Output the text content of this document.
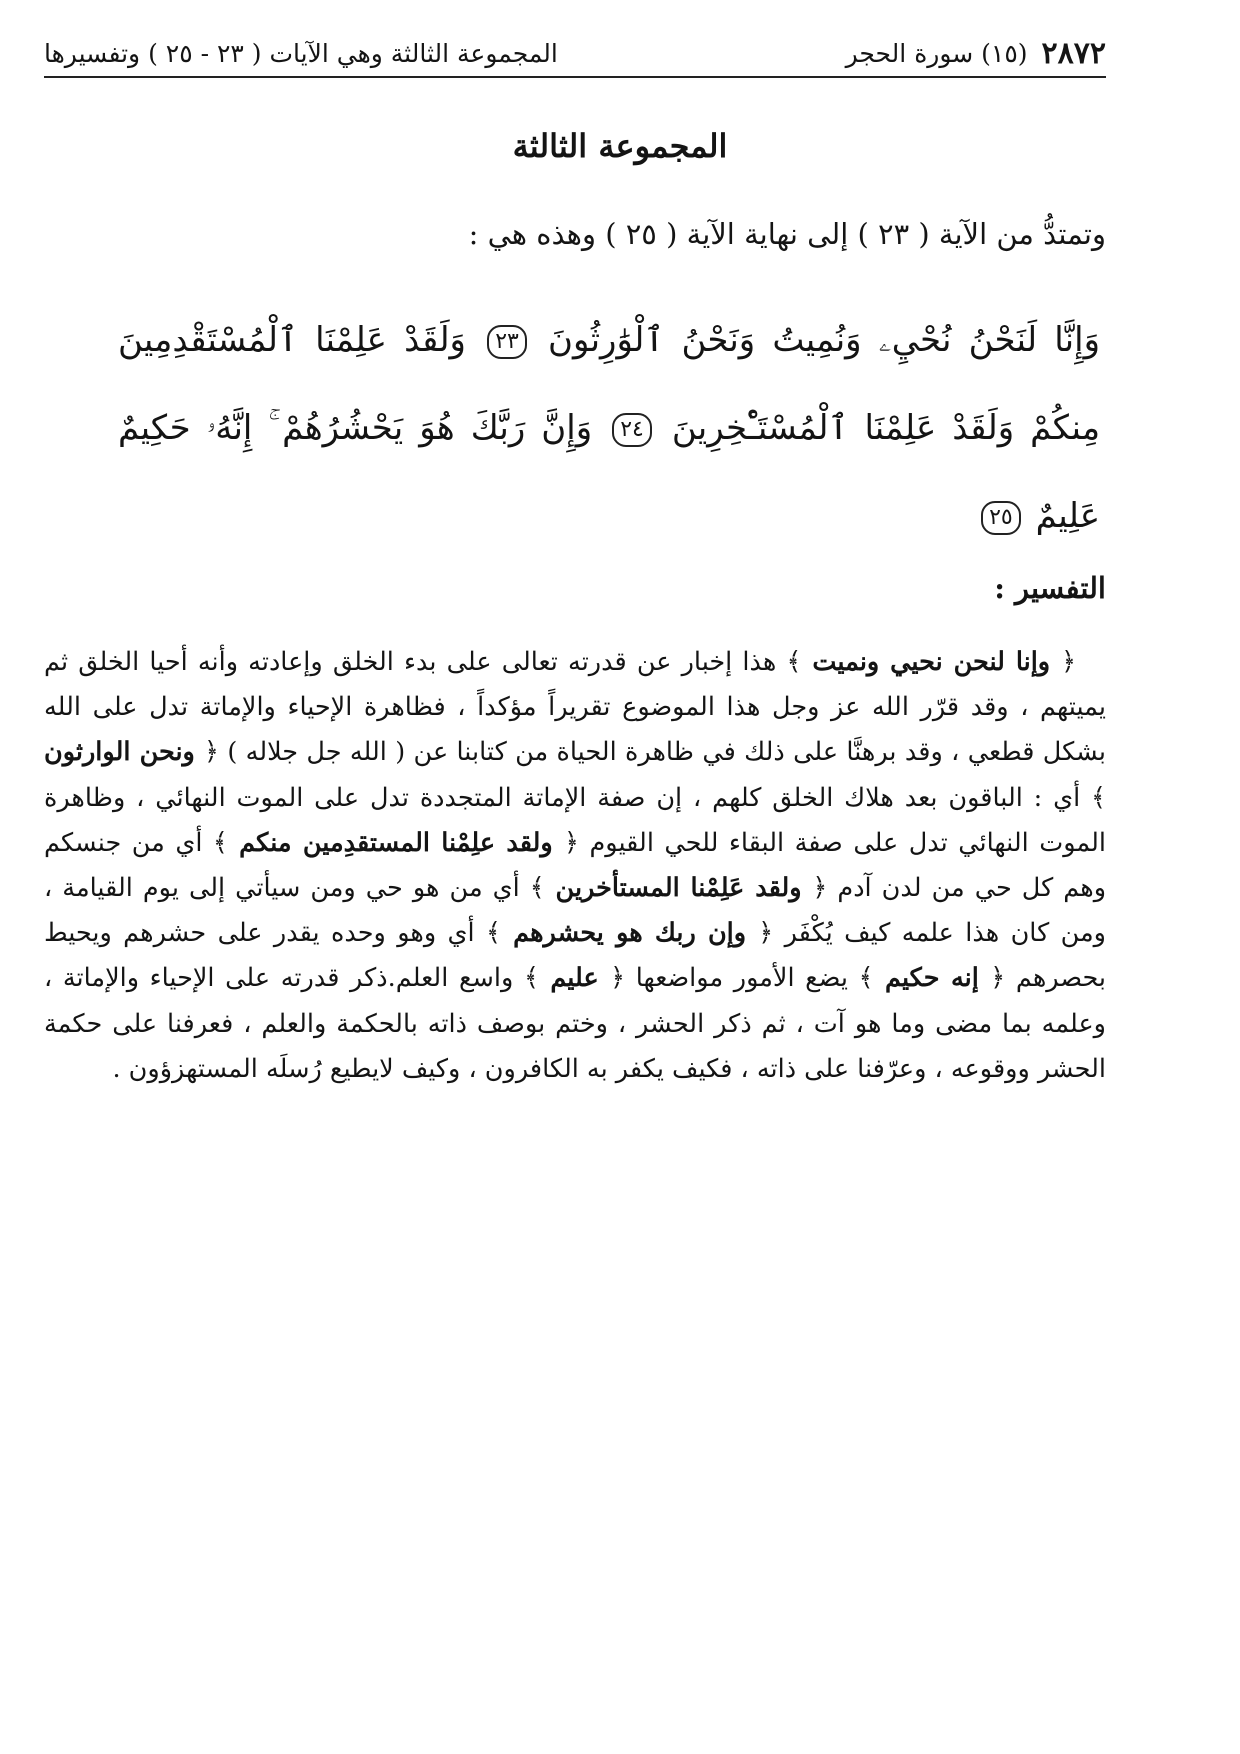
٢٨٧٢
(١٥) سورة الحجر
المجموعة الثالثة وهي الآيات ( ٢٣ - ٢٥ ) وتفسيرها
المجموعة الثالثة
وتمتدُّ من الآية ( ٢٣ ) إلى نهاية الآية ( ٢٥ ) وهذه هي :
وَإِنَّا لَنَحْنُ نُحْيِۦ وَنُمِيتُ وَنَحْنُ ٱلْوَٰرِثُونَ ٢٣ وَلَقَدْ عَلِمْنَا ٱلْمُسْتَقْدِمِينَ مِنكُمْ وَلَقَدْ عَلِمْنَا ٱلْمُسْتَـْٔخِرِينَ ٢٤ وَإِنَّ رَبَّكَ هُوَ يَحْشُرُهُمْ ۚ إِنَّهُۥ حَكِيمٌ عَلِيمٌ ٢٥
التفسير :

﴿ وإنا لنحن نحيي ونميت ﴾ هذا إخبار عن قدرته تعالى على بدء الخلق وإعادته وأنه أحيا الخلق ثم يميتهم ، وقد قرّر الله عز وجل هذا الموضوع تقريراً مؤكداً ، فظاهرة الإحياء والإماتة تدل على الله بشكل قطعي ، وقد برهنَّا على ذلك في ظاهرة الحياة من كتابنا عن ( الله جل جلاله ) ﴿ ونحن الوارثون ﴾ أي : الباقون بعد هلاك الخلق كلهم ، إن صفة الإماتة المتجددة تدل على الموت النهائي ، وظاهرة الموت النهائي تدل على صفة البقاء للحي القيوم ﴿ ولقد علِمْنا المستقدِمين منكم ﴾ أي من جنسكم وهم كل حي من لدن آدم ﴿ ولقد عَلِمْنا المستأخرين ﴾ أي من هو حي ومن سيأتي إلى يوم القيامة ، ومن كان هذا علمه كيف يُكْفَر ﴿ وإن ربك هو يحشرهم ﴾ أي وهو وحده يقدر على حشرهم ويحيط بحصرهم ﴿ إنه حكيم ﴾ يضع الأمور مواضعها ﴿ عليم ﴾ واسع العلم.ذكر قدرته على الإحياء والإماتة ، وعلمه بما مضى وما هو آت ، ثم ذكر الحشر ، وختم بوصف ذاته بالحكمة والعلم ، فعرفنا على حكمة الحشر ووقوعه ، وعرّفنا على ذاته ، فكيف يكفر به الكافرون ، وكيف لايطيع رُسلَه المستهزؤون .
